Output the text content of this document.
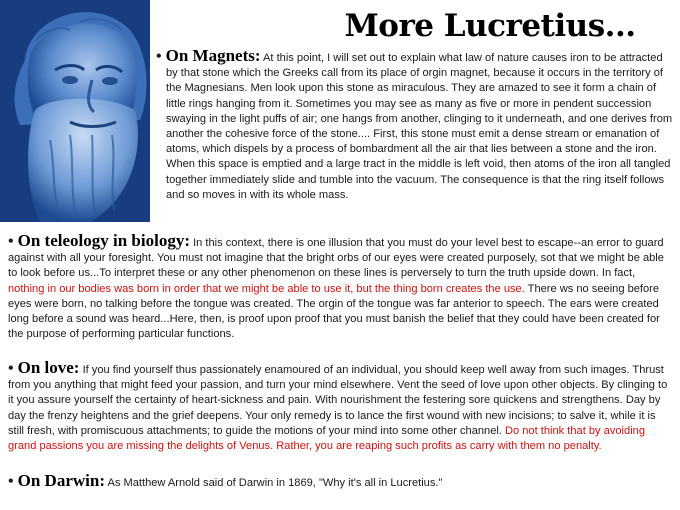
More Lucretius...

• On Magnets: At this point, I will set out to explain what law of nature causes iron to be attracted by that stone which the Greeks call from its place of orgin magnet, because it occurs in the territory of the Magnesians. Men look upon this stone as miraculous. They are amazed to see it form a chain of little rings hanging from it. Sometimes you may see as many as five or more in pendent succession swaying in the light puffs of air; one hangs from another, clinging to it underneath, and one derives from another the cohesive force of the stone.... First, this stone must emit a dense stream or emanation of atoms, which dispels by a process of bombardment all the air that lies between a stone and the iron. When this space is emptied and a large tract in the middle is left void, then atoms of the iron all tangled together immediately slide and tumble into the vacuum. The consequence is that the ring itself follows and so moves in with its whole mass.

• On teleology in biology: In this context, there is one illusion that you must do your level best to escape--an error to guard against with all your foresight. You must not imagine that the bright orbs of our eyes were created purposely, sot that we might be able to look before us...To interpret these or any other phenomenon on these lines is perversely to turn the truth upside down. In fact, nothing in our bodies was born in order that we might be able to use it, but the thing born creates the use. There ws no seeing before eyes were born, no talking before the tongue was created. The orgin of the tongue was far anterior to speech. The ears were created long before a sound was heard...Here, then, is proof upon proof that you must banish the belief that they could have been created for the purpose of performing particular functions.

• On love: If you find yourself thus passionately enamoured of an individual, you should keep well away from such images. Thrust from you anything that might feed your passion, and turn your mind elsewhere. Vent the seed of love upon other objects. By clinging to it you assure yourself the certainty of heart-sickness and pain. With nourishment the festering sore quickens and strengthens. Day by day the frenzy heightens and the grief deepens. Your only remedy is to lance the first wound with new incisions; to salve it, while it is still fresh, with promiscuous attachments; to guide the motions of your mind into some other channel. Do not think that by avoiding grand passions you are missing the delights of Venus. Rather, you are reaping such profits as carry with them no penalty.

• On Darwin: As Matthew Arnold said of Darwin in 1869, "Why it's all in Lucretius."
